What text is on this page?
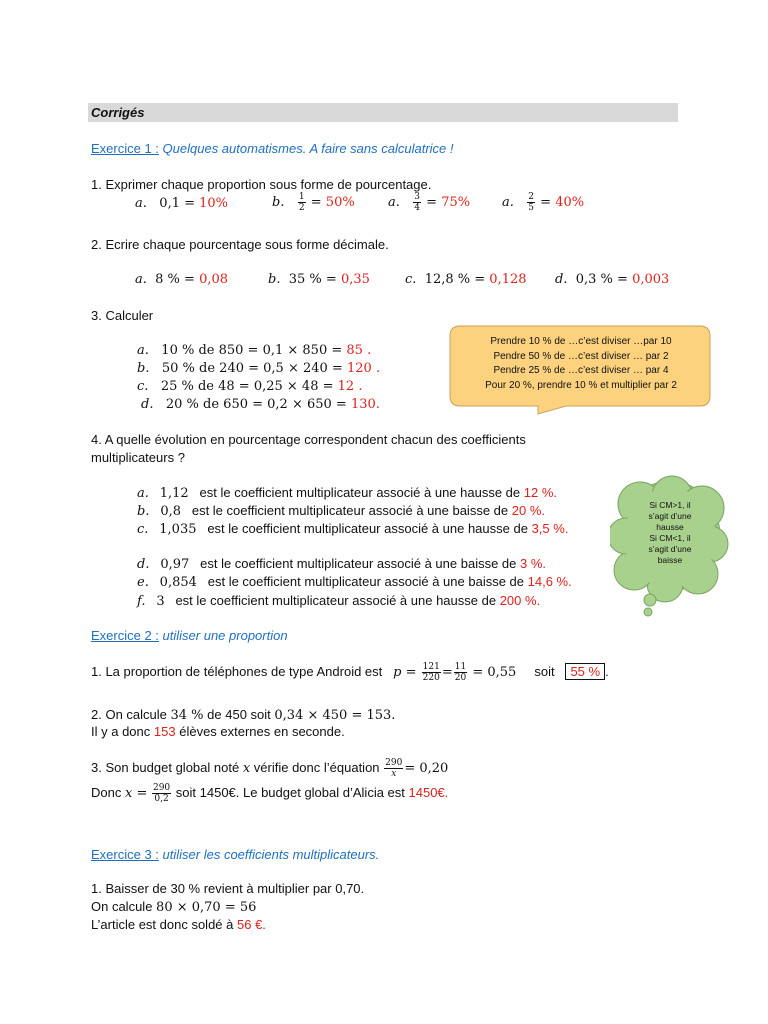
Corrigés
Exercice 1 : Quelques automatismes. A faire sans calculatrice !
1. Exprimer chaque proportion sous forme de pourcentage.
a. 0,1 = 10%	b. $\frac{1}{2} = 50\%$	a. $\frac{3}{4} = 75\%$ a. $\frac{2}{5} = 40\%$
2. Ecrire chaque pourcentage sous forme décimale.
a. 8 % = 0,08	b. 35 % = 0,35	c. 12,8 % = 0,128 d. 0,3 % = 0,003
3. Calculer
a. 10 % de 850 = 0,1 × 850 = 85 .
b. 50 % de 240 = 0,5 × 240 = 120 .
c. 25 % de 48 = 0,25 × 48 = 12 .
d. 20 % de 650 = 0,2 × 650 = 130.
Prendre 10 % de …c’est diviser …par 10
Pendre 50 % de …c’est diviser … par 2
Pendre 25 % de …c’est diviser … par 4
Pour 20 %, prendre 10 % et multiplier par 2
4. A quelle évolution en pourcentage correspondent chacun des coefficients
multiplicateurs ?
a. 1,12 est le coefficient multiplicateur associé à une hausse de 12 %.
b. 0,8 est le coefficient multiplicateur associé à une baisse de 20 %.
c. 1,035 est le coefficient multiplicateur associé à une hausse de 3,5 %.
d. 0,97 est le coefficient multiplicateur associé à une baisse de 3 %.
e. 0,854 est le coefficient multiplicateur associé à une baisse de 14,6 %.
f. 3 est le coefficient multiplicateur associé à une hausse de 200 %.
Si CM>1, il
s’agit d’une
hausse
Si CM<1, il
s’agit d’une
baisse
Exercice 2 : utiliser une proportion
1. La proportion de téléphones de type Android est $p = \frac{121}{220} = \frac{11}{20} = 0,55$ soit 55 % .
2. On calcule 34 % de 450 soit 0,34 × 450 = 153.
Il y a donc 153 élèves externes en seconde.
3. Son budget global noté x vérifie donc l’équation $\frac{290}{x} = 0,20$
Donc $x = \frac{290}{0,2}$ soit 1450€. Le budget global d’Alicia est 1450€.
Exercice 3 : utiliser les coefficients multiplicateurs.
1. Baisser de 30 % revient à multiplier par 0,70.
On calcule 80 × 0,70 = 56
L’article est donc soldé à 56 €.
